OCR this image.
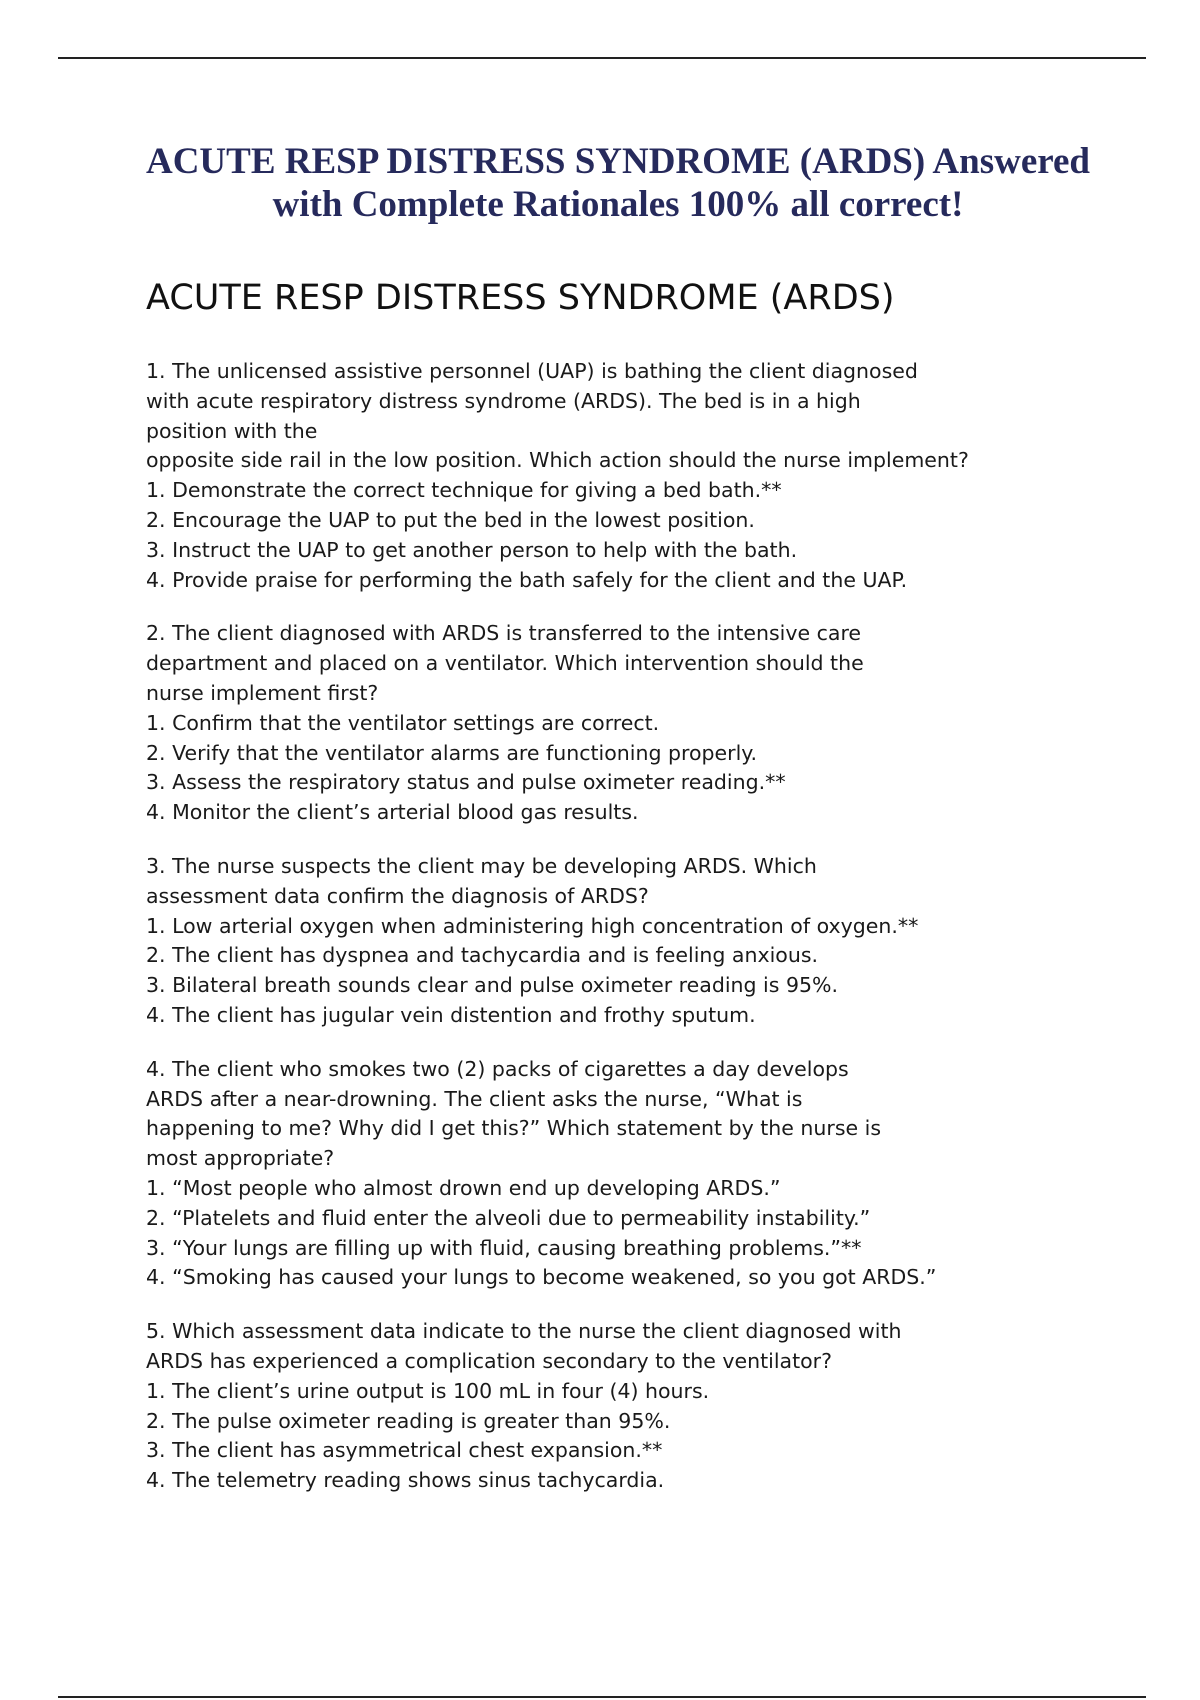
ACUTE RESP DISTRESS SYNDROME (ARDS) Answered
with Complete Rationales 100% all correct!
ACUTE RESP DISTRESS SYNDROME (ARDS)

1. The unlicensed assistive personnel (UAP) is bathing the client diagnosed

with acute respiratory distress syndrome (ARDS). The bed is in a high

position with the

opposite side rail in the low position. Which action should the nurse implement?

1. Demonstrate the correct technique for giving a bed bath.**

2. Encourage the UAP to put the bed in the lowest position.

3. Instruct the UAP to get another person to help with the bath.

4. Provide praise for performing the bath safely for the client and the UAP.

2. The client diagnosed with ARDS is transferred to the intensive care

department and placed on a ventilator. Which intervention should the

nurse implement first?

1. Confirm that the ventilator settings are correct.

2. Verify that the ventilator alarms are functioning properly.

3. Assess the respiratory status and pulse oximeter reading.**

4. Monitor the client’s arterial blood gas results.

3. The nurse suspects the client may be developing ARDS. Which

assessment data confirm the diagnosis of ARDS?

1. Low arterial oxygen when administering high concentration of oxygen.**

2. The client has dyspnea and tachycardia and is feeling anxious.

3. Bilateral breath sounds clear and pulse oximeter reading is 95%.

4. The client has jugular vein distention and frothy sputum.

4. The client who smokes two (2) packs of cigarettes a day develops

ARDS after a near-drowning. The client asks the nurse, “What is

happening to me? Why did I get this?” Which statement by the nurse is

most appropriate?

1. “Most people who almost drown end up developing ARDS.”

2. “Platelets and fluid enter the alveoli due to permeability instability.”

3. “Your lungs are filling up with fluid, causing breathing problems.”**

4. “Smoking has caused your lungs to become weakened, so you got ARDS.”

5. Which assessment data indicate to the nurse the client diagnosed with

ARDS has experienced a complication secondary to the ventilator?

1. The client’s urine output is 100 mL in four (4) hours.

2. The pulse oximeter reading is greater than 95%.

3. The client has asymmetrical chest expansion.**

4. The telemetry reading shows sinus tachycardia.
